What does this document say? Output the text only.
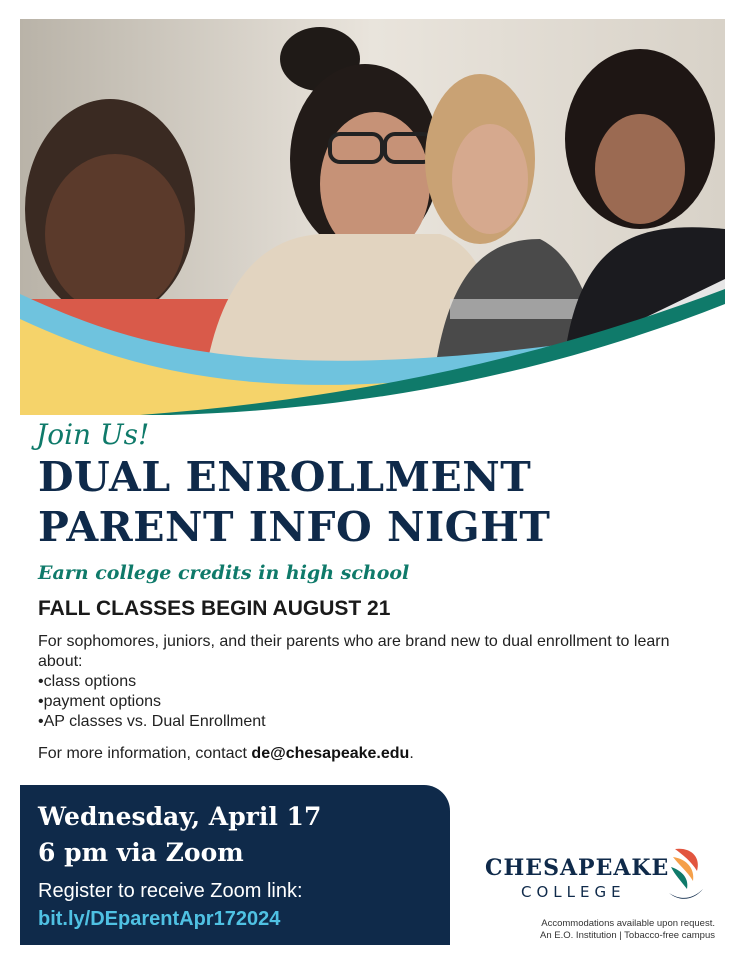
Join Us!

DUAL ENROLLMENT
PARENT INFO NIGHT

Earn college credits in high school

FALL CLASSES BEGIN AUGUST 21

For sophomores, juniors, and their parents who are brand new to dual enrollment to learn about:
• class options
• payment options
• AP classes vs. Dual Enrollment

For more information, contact de@chesapeake.edu.

Wednesday, April 17
6 pm via Zoom
Register to receive Zoom link:
bit.ly/DEparentApr172024
CHESAPEAKE
COLLEGE

Accommodations available upon request.
An E.O. Institution | Tobacco-free campus
